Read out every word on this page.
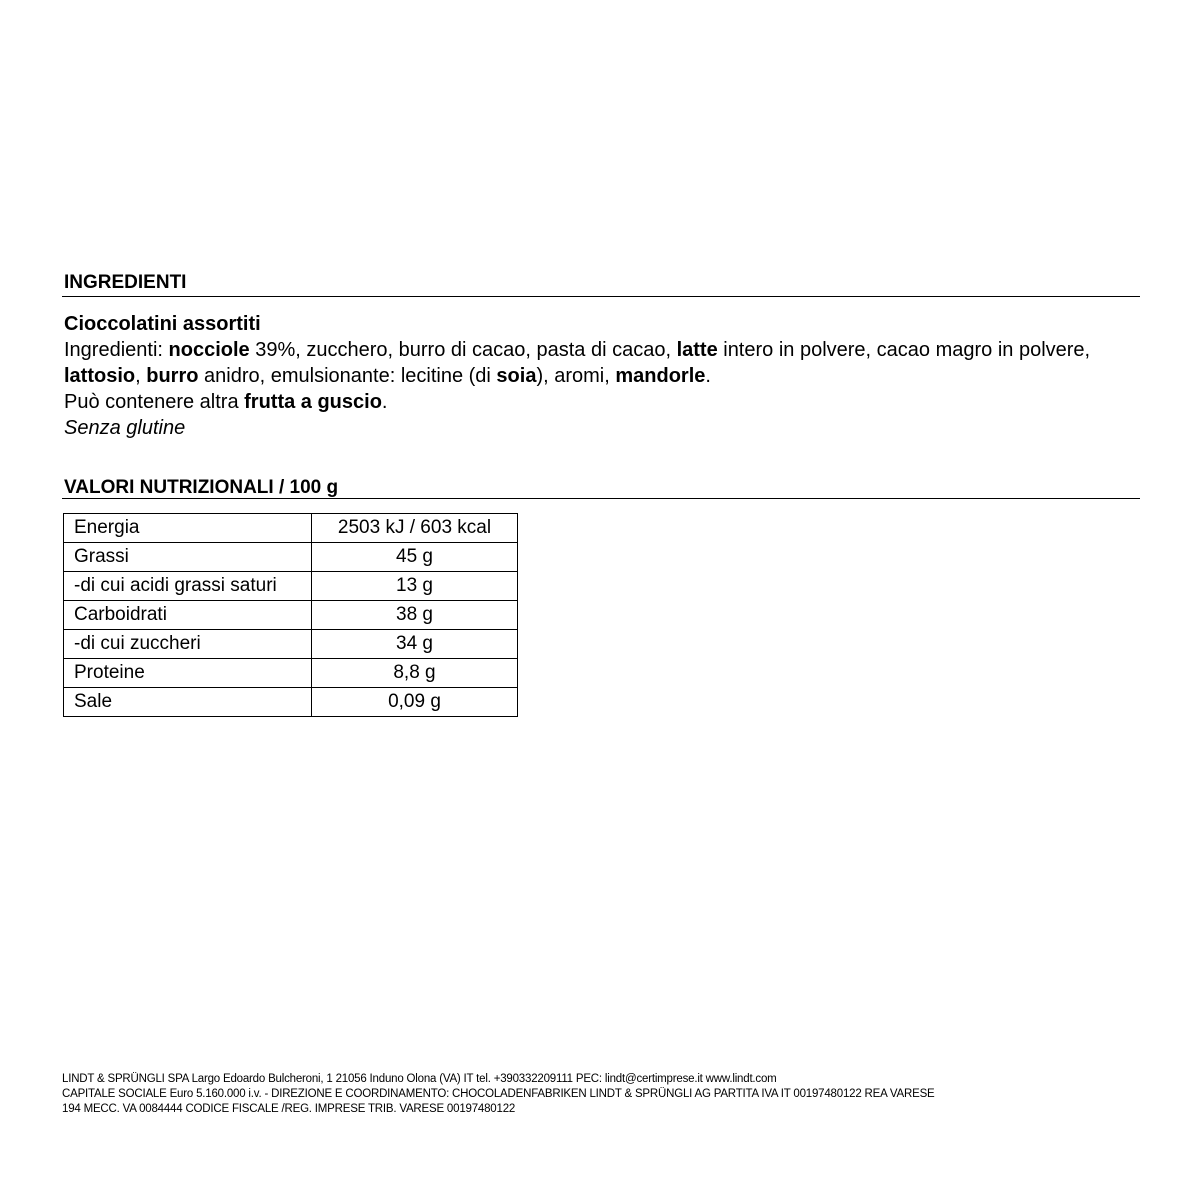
INGREDIENTI

Cioccolatini assortiti

Ingredienti: nocciole 39%, zucchero, burro di cacao, pasta di cacao, latte intero in polvere, cacao magro in polvere, lattosio, burro anidro, emulsionante: lecitine (di soia), aromi, mandorle.

Può contenere altra frutta a guscio.

Senza glutine

VALORI NUTRIZIONALI / 100 g
Energia	2503 kJ / 603 kcal
Grassi	45 g
-di cui acidi grassi saturi	13 g
Carboidrati	38 g
-di cui zuccheri	34 g
Proteine	8,8 g
Sale	0,09 g
LINDT & SPRÜNGLI SPA Largo Edoardo Bulcheroni, 1 21056 Induno Olona (VA) IT tel. +390332209111 PEC: lindt@certimprese.it www.lindt.com
CAPITALE SOCIALE Euro 5.160.000 i.v. - DIREZIONE E COORDINAMENTO: CHOCOLADENFABRIKEN LINDT & SPRÜNGLI AG PARTITA IVA IT 00197480122 REA VARESE
194 MECC. VA 0084444 CODICE FISCALE /REG. IMPRESE TRIB. VARESE 00197480122
